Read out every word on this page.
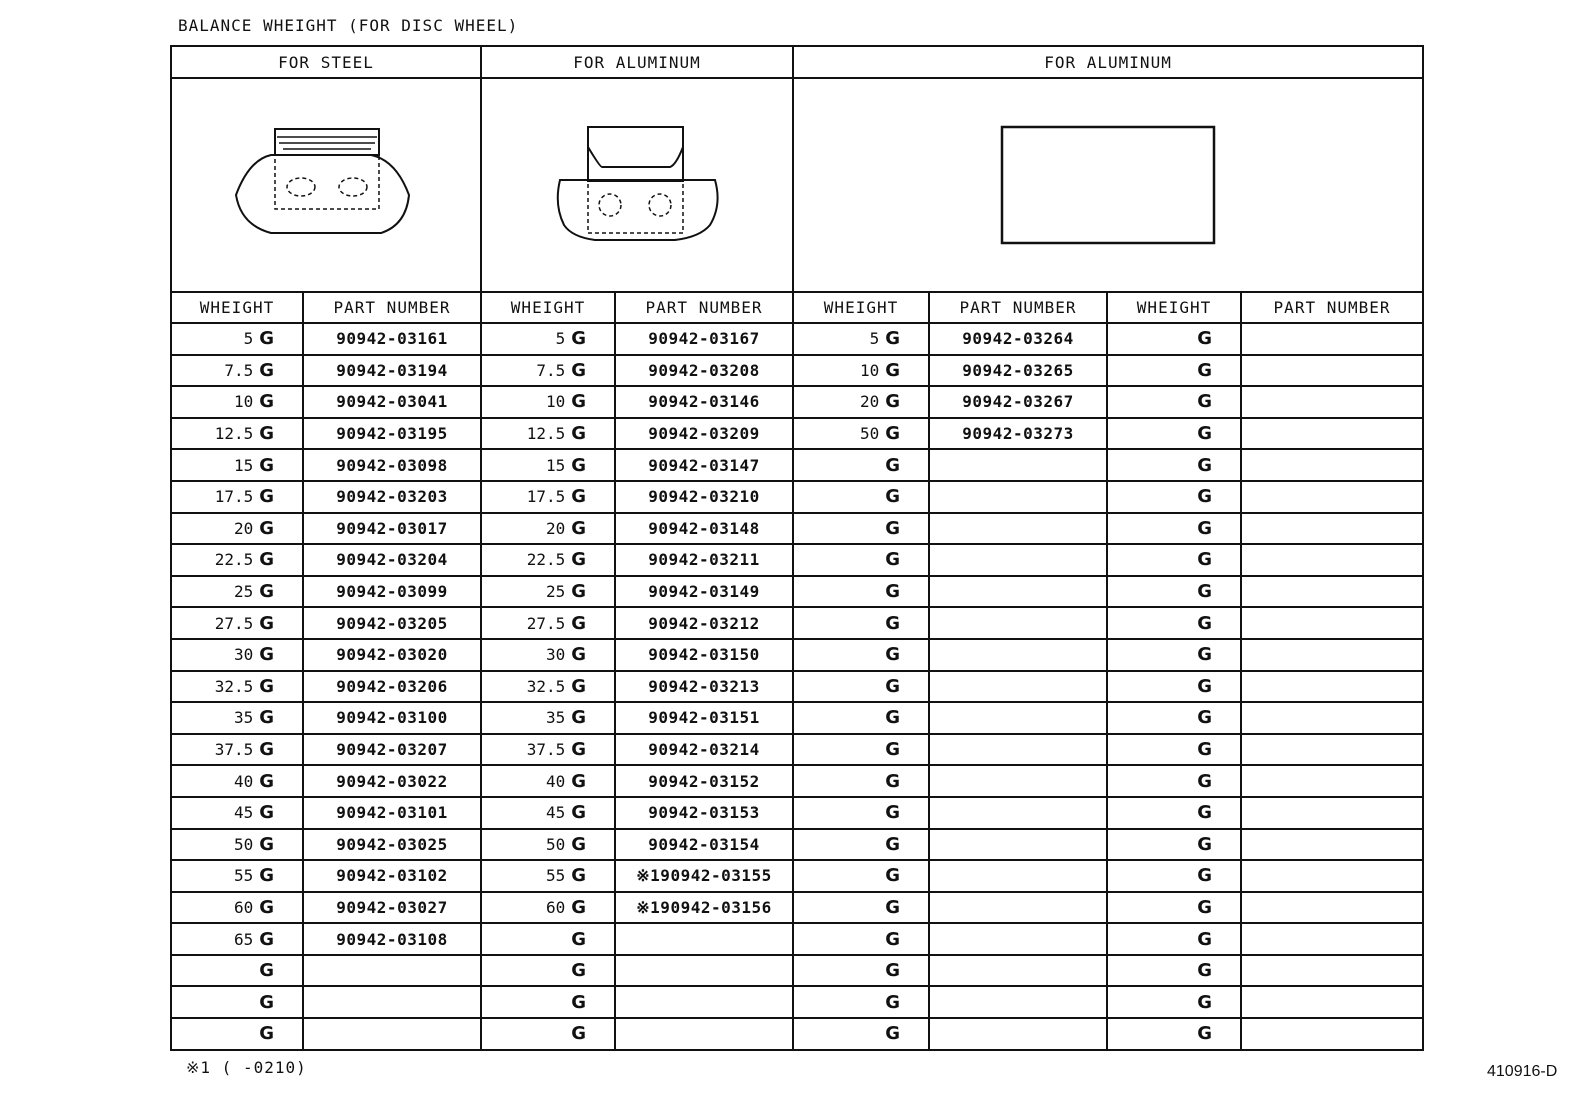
BALANCE WHEIGHT (FOR DISC WHEEL)
FOR STEEL		FOR ALUMINUM		FOR ALUMINUM			

WHEIGHT	PART NUMBER	WHEIGHT	PART NUMBER	WHEIGHT	PART NUMBER	WHEIGHT	PART NUMBER
5 G	90942-03161	5 G	90942-03167	5 G	90942-03264	G	
7.5 G	90942-03194	7.5 G	90942-03208	10 G	90942-03265	G	
10 G	90942-03041	10 G	90942-03146	20 G	90942-03267	G	
12.5 G	90942-03195	12.5 G	90942-03209	50 G	90942-03273	G	
15 G	90942-03098	15 G	90942-03147	G		G	
17.5 G	90942-03203	17.5 G	90942-03210	G		G	
20 G	90942-03017	20 G	90942-03148	G		G	
22.5 G	90942-03204	22.5 G	90942-03211	G		G	
25 G	90942-03099	25 G	90942-03149	G		G	
27.5 G	90942-03205	27.5 G	90942-03212	G		G	
30 G	90942-03020	30 G	90942-03150	G		G	
32.5 G	90942-03206	32.5 G	90942-03213	G		G	
35 G	90942-03100	35 G	90942-03151	G		G	
37.5 G	90942-03207	37.5 G	90942-03214	G		G	
40 G	90942-03022	40 G	90942-03152	G		G	
45 G	90942-03101	45 G	90942-03153	G		G	
50 G	90942-03025	50 G	90942-03154	G		G	
55 G	90942-03102	55 G	※190942-03155	G		G	
60 G	90942-03027	60 G	※190942-03156	G		G	
65 G	90942-03108	G		G		G	
G		G		G		G	
G		G		G		G	
G		G		G		G	
※1 ( -0210)	410916-D
